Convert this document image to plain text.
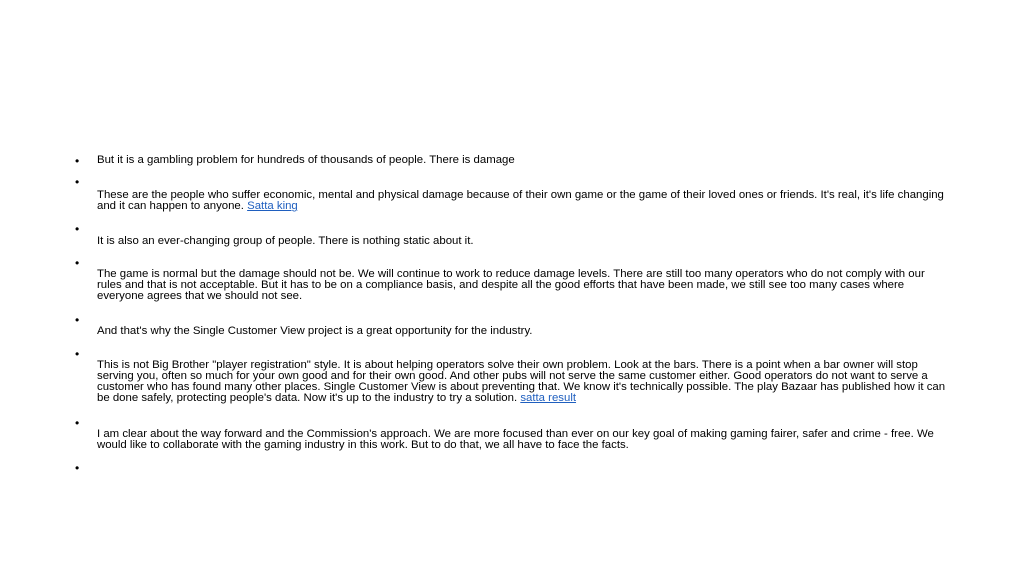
• But it is a gambling problem for hundreds of thousands of people. There is damage
•
These are the people who suffer economic, mental and physical damage because of their own game or the game of their loved ones or friends. It's real, it's life changing and it can happen to anyone. Satta king
•
It is also an ever-changing group of people. There is nothing static about it.
•
The game is normal but the damage should not be. We will continue to work to reduce damage levels. There are still too many operators who do not comply with our rules and that is not acceptable. But it has to be on a compliance basis, and despite all the good efforts that have been made, we still see too many cases where everyone agrees that we should not see.
•
And that's why the Single Customer View project is a great opportunity for the industry.
•
This is not Big Brother "player registration" style. It is about helping operators solve their own problem. Look at the bars. There is a point when a bar owner will stop serving you, often so much for your own good and for their own good. And other pubs will not serve the same customer either. Good operators do not want to serve a customer who has found many other places. Single Customer View is about preventing that. We know it's technically possible. The play Bazaar has published how it can be done safely, protecting people's data. Now it's up to the industry to try a solution. satta result
•
I am clear about the way forward and the Commission's approach. We are more focused than ever on our key goal of making gaming fairer, safer and crime - free. We would like to collaborate with the gaming industry in this work. But to do that, we all have to face the facts.
•
